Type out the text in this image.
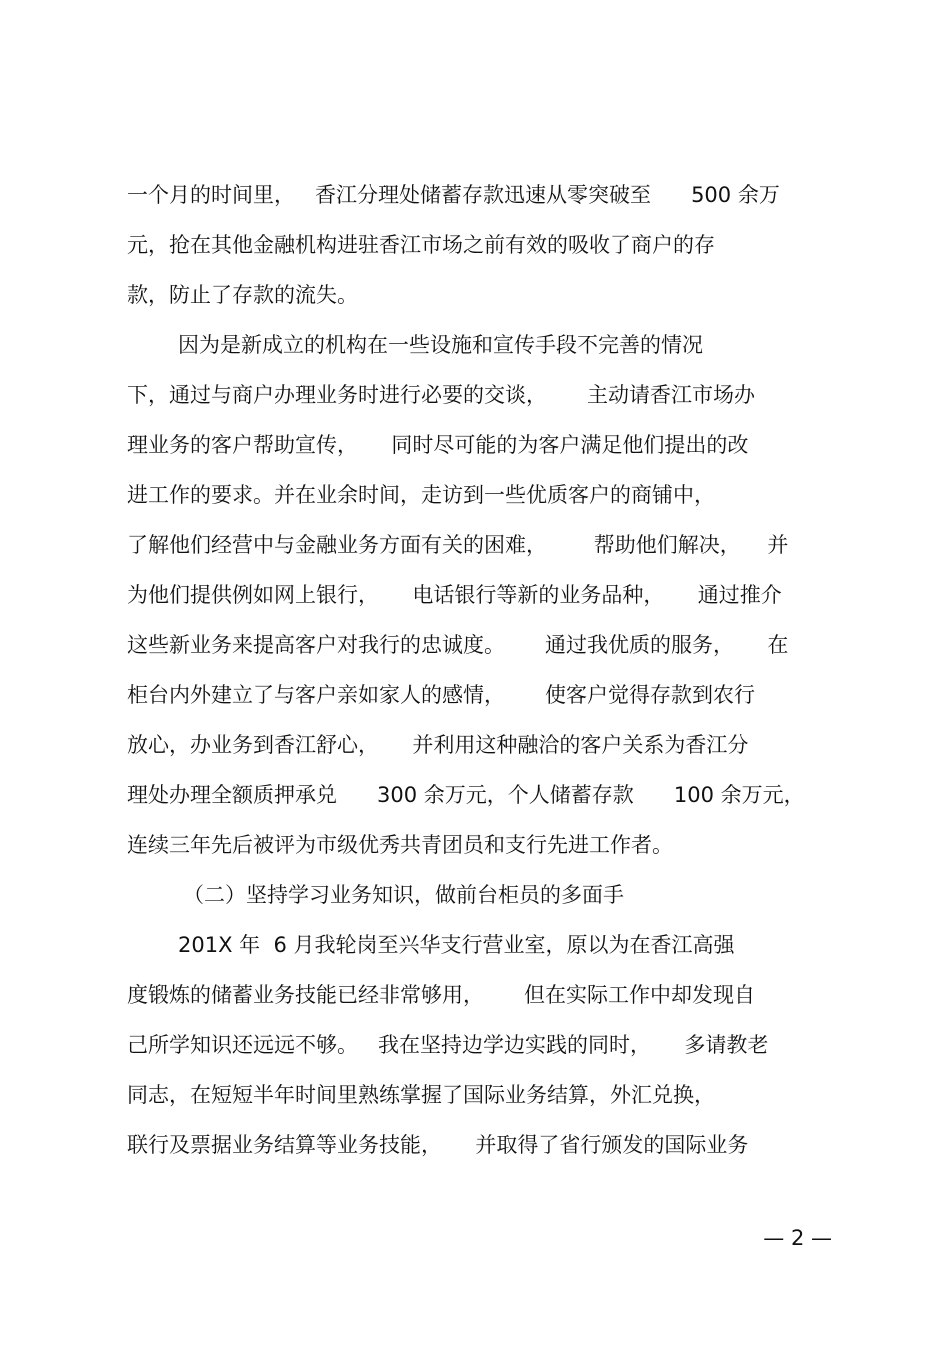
一个月的时间里，   香江分理处储蓄存款迅速从零突破至      500 余万
元，抢在其他金融机构进驻香江市场之前有效的吸收了商户的存
款，防止了存款的流失。
因为是新成立的机构在一些设施和宣传手段不完善的情况
下，通过与商户办理业务时进行必要的交谈，      主动请香江市场办
理业务的客户帮助宣传，     同时尽可能的为客户满足他们提出的改
进工作的要求。并在业余时间，走访到一些优质客户的商铺中，
了解他们经营中与金融业务方面有关的困难，       帮助他们解决，    并
为他们提供例如网上银行，     电话银行等新的业务品种，     通过推介
这些新业务来提高客户对我行的忠诚度。      通过我优质的服务，     在
柜台内外建立了与客户亲如家人的感情，      使客户觉得存款到农行
放心，办业务到香江舒心，     并利用这种融洽的客户关系为香江分
理处办理全额质押承兑      300 余万元，个人储蓄存款      100 余万元，
连续三年先后被评为市级优秀共青团员和支行先进工作者。
（二）坚持学习业务知识，做前台柜员的多面手
201X 年  6 月我轮岗至兴华支行营业室，原以为在香江高强
度锻炼的储蓄业务技能已经非常够用，      但在实际工作中却发现自
己所学知识还远远不够。   我在坚持边学边实践的同时，     多请教老
同志，在短短半年时间里熟练掌握了国际业务结算，外汇兑换，
联行及票据业务结算等业务技能，     并取得了省行颁发的国际业务
— 2 —
